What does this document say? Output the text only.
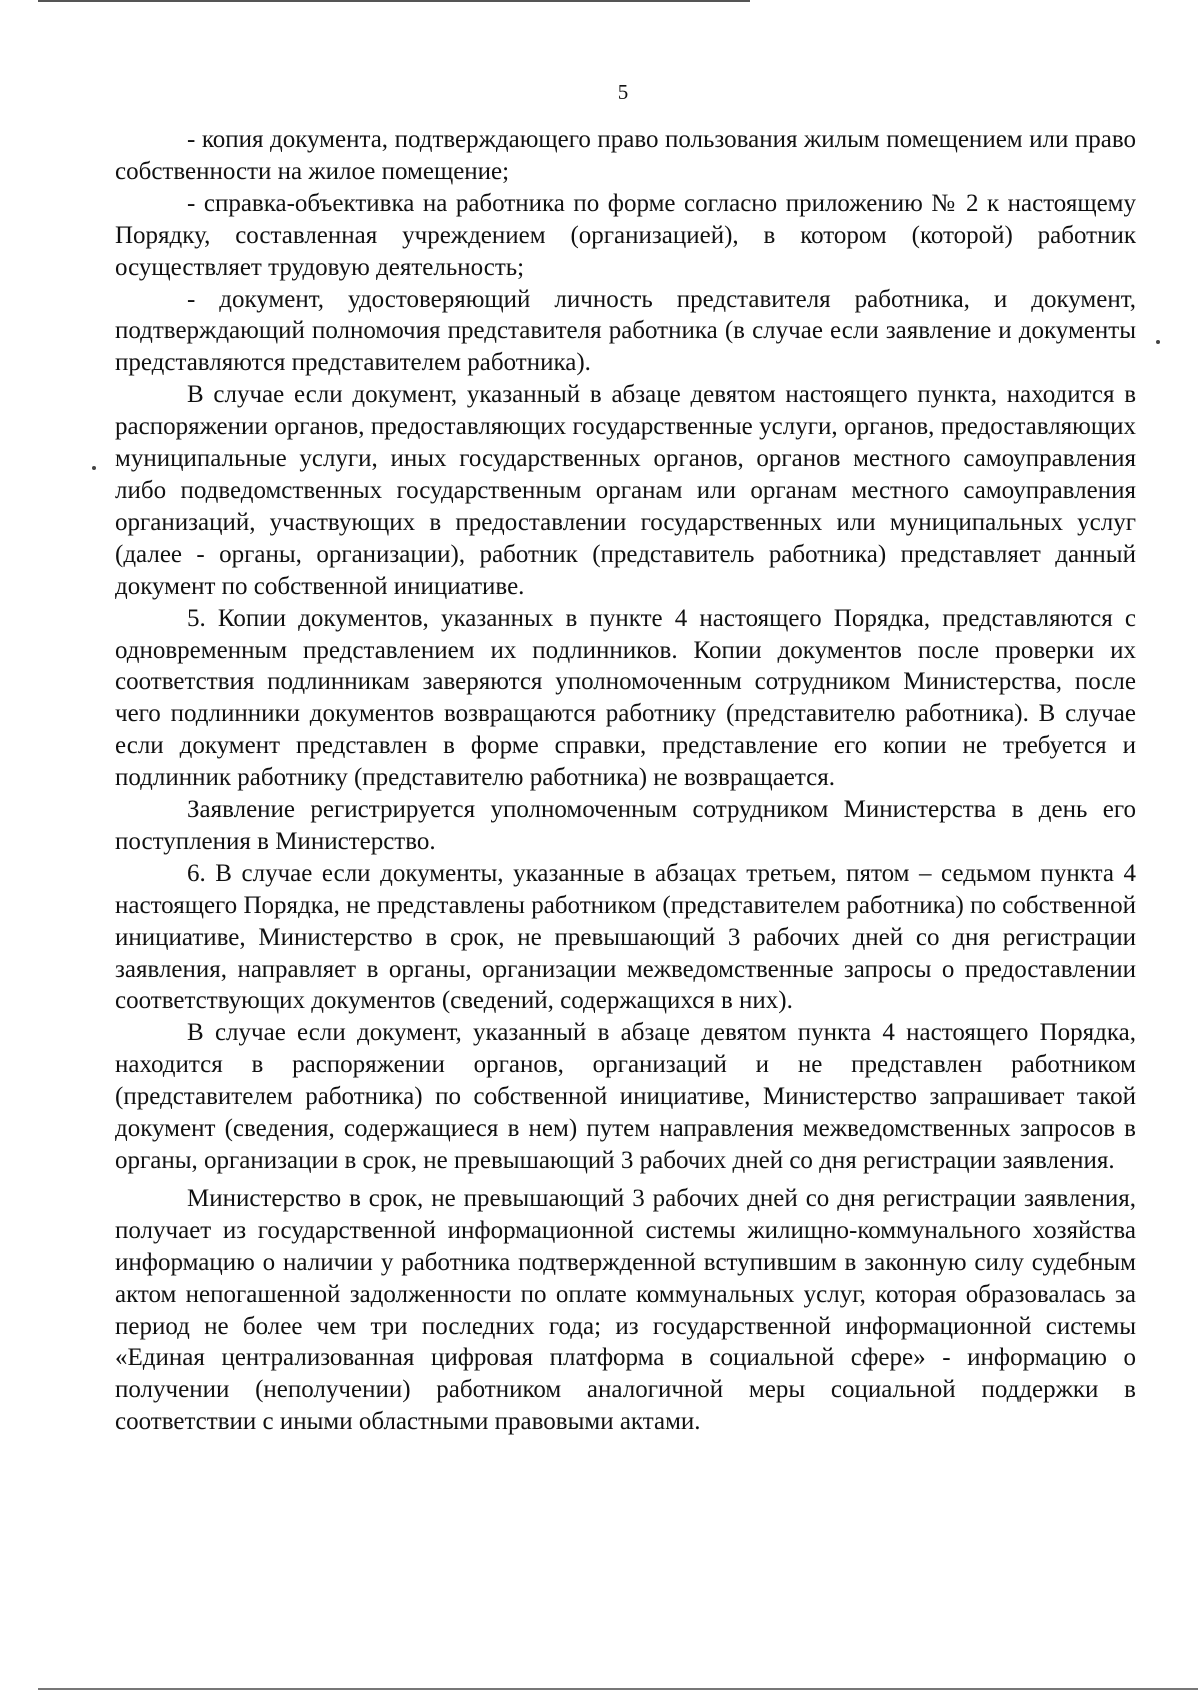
5

- копия документа, подтверждающего право пользования жилым помещением или право собственности на жилое помещение;

- справка-объективка на работника по форме согласно приложению № 2 к настоящему Порядку, составленная учреждением (организацией), в котором (которой) работник осуществляет трудовую деятельность;

- документ, удостоверяющий личность представителя работника, и документ, подтверждающий полномочия представителя работника (в случае если заявление и документы представляются представителем работника).

В случае если документ, указанный в абзаце девятом настоящего пункта, находится в распоряжении органов, предоставляющих государственные услуги, органов, предоставляющих муниципальные услуги, иных государственных органов, органов местного самоуправления либо подведомственных государственным органам или органам местного самоуправления организаций, участвующих в предоставлении государственных или муниципальных услуг (далее - органы, организации), работник (представитель работника) представляет данный документ по собственной инициативе.

5. Копии документов, указанных в пункте 4 настоящего Порядка, представляются с одновременным представлением их подлинников. Копии документов после проверки их соответствия подлинникам заверяются уполномоченным сотрудником Министерства, после чего подлинники документов возвращаются работнику (представителю работника). В случае если документ представлен в форме справки, представление его копии не требуется и подлинник работнику (представителю работника) не возвращается.

Заявление регистрируется уполномоченным сотрудником Министерства в день его поступления в Министерство.

6. В случае если документы, указанные в абзацах третьем, пятом – седьмом пункта 4 настоящего Порядка, не представлены работником (представителем работника) по собственной инициативе, Министерство в срок, не превышающий 3 рабочих дней со дня регистрации заявления, направляет в органы, организации межведомственные запросы о предоставлении соответствующих документов (сведений, содержащихся в них).

В случае если документ, указанный в абзаце девятом пункта 4 настоящего Порядка, находится в распоряжении органов, организаций и не представлен работником (представителем работника) по собственной инициативе, Министерство запрашивает такой документ (сведения, содержащиеся в нем) путем направления межведомственных запросов в органы, организации в срок, не превышающий 3 рабочих дней со дня регистрации заявления.

Министерство в срок, не превышающий 3 рабочих дней со дня регистрации заявления, получает из государственной информационной системы жилищно-коммунального хозяйства информацию о наличии у работника подтвержденной вступившим в законную силу судебным актом непогашенной задолженности по оплате коммунальных услуг, которая образовалась за период не более чем три последних года; из государственной информационной системы «Единая централизованная цифровая платформа в социальной сфере» - информацию о получении (неполучении) работником аналогичной меры социальной поддержки в соответствии с иными областными правовыми актами.
